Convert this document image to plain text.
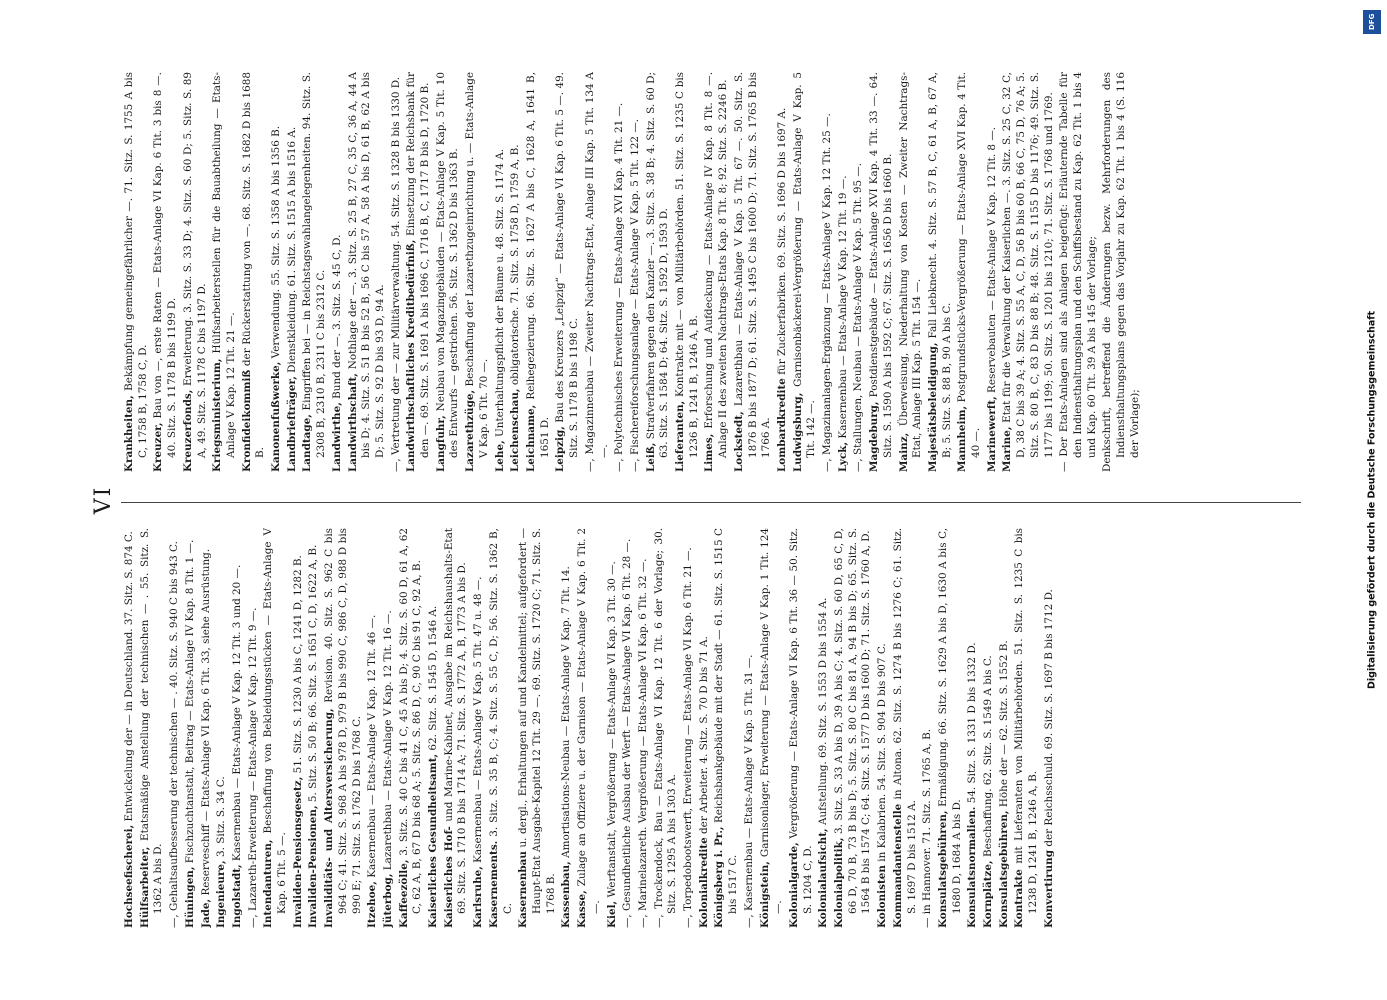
VI

Hochseefischerei, Entwickelung der — in Deutschland. 37. Sitz. S. 874 C.

Hülfsarbeiter, Etatsmäßige Anstellung der technischen — . 55. Sitz. S. 1362 A bis D. —, Gehaltsaufbesserung der technischen — . 40. Sitz. S. 940 C bis 943 C. Hüningen, Fischzuchtanstalt, Beitrag — Etats-Anlage IV Kap. 8 Tit. 1 —.

Jade, Reserveschiff — Etats-Anlage VI Kap. 6 Tit. 33, siehe Ausrüstung. Ingenieure, 3. Sitz. S. 34 C.

Ingolstadt, Kasernenbau — Etats-Anlage V Kap. 12 Tit. 3 und 20 —. —, Lazareth-Erweiterung — Etats-Anlage V Kap. 12 Tit. 9 —. Intendanturen, Beschaffung von Bekleidungsstücken — Etats-Anlage V Kap. 6 Tit. 5 —. Invaliden-Pensionsgesetz, 51. Sitz. S. 1230 A bis C, 1241 D, 1282 B.

Invaliden-Pensionen, 5. Sitz. S. 50 B; 66. Sitz. S. 1651 C, D, 1622 A, B.

Invaliditäts- und Altersversicherung, Revision. 40. Sitz. S. 962 C bis 964 C; 41. Sitz. S. 968 A bis 978 D, 979 B bis 990 C, 986 C, D, 988 D bis 990 E; 71. Sitz. S. 1762 D bis 1768 C. Itzehoe, Kasernenbau — Etats-Anlage V Kap. 12 Tit. 46 —.

Jüterbog, Lazarethbau — Etats-Anlage V Kap. 12 Tit. 16 —.

Kaffeezölle, 3. Sitz. S. 40 C bis 41 C, 45 A bis D; 4. Sitz. S. 60 D, 61 A, 62 C, 62 A, B, 67 D bis 68 A; 5. Sitz. S. 86 D, C, 90 C bis 91 C, 92 A, B. Kaiserliches Gesundheitsamt, 62. Sitz. S. 1545 D, 1546 A.

Kaiserliches Hof- und Marine-Kabinet, Ausgabe im Reichshaushalts-Etat 69. Sitz. S. 1710 B bis 1714 A; 71. Sitz. S. 1772 A, B, 1773 A bis D. Karlsruhe, Kasernenbau — Etats-Anlage V Kap. 5 Tit. 47 u. 48 —.

Kasernements. 3. Sitz. S. 35 B, C; 4. Sitz. S. 55 C, D; 56. Sitz. S. 1362 B, C. Kasernenbau u. dergl., Erhaltungen auf und Kandelmittel; aufgefordert — Haupt-Etat Ausgabe-Kapitel 12 Tit. 29 —. 69. Sitz. S. 1720 C; 71. Sitz. S. 1768 B. Kassenbau, Amortisations-Neubau — Etats-Anlage V Kap. 7 Tit. 14.

Kasse, Zulage an Offiziere u. der Garnison — Etats-Anlage V Kap. 6 Tit. 2 —. Kiel, Werftanstalt, Vergrößerung — Etats-Anlage VI Kap. 3 Tit. 30 —. —, Gesundheitliche Ausbau der Werft — Etats-Anlage VI Kap. 6 Tit. 28 —. —, Marinelazareth. Vergrößerung — Etats-Anlage VI Kap. 6 Tit. 32 —. —, Trockendock, Bau — Etats-Anlage VI Kap. 12 Tit. 6 der Vorlage; 30. Sitz. S. 1295 A bis 1303 A. —, Torpedobootswerft, Erweiterung — Etats-Anlage VI Kap. 6 Tit. 21 —. Kolonialkredite der Arbeiter. 4. Sitz. S. 70 D bis 71 A.

Königsberg i. Pr., Reichsbankgebäude mit der Stadt — 61. Sitz. S. 1515 C bis 1517 C. —, Kasernenbau — Etats-Anlage V Kap. 5 Tit. 31 —. Königstein, Garnisonlager, Erweiterung — Etats-Anlage V Kap. 1 Tit. 124 —. Kolonialgarde, Vergrößerung — Etats-Anlage VI Kap. 6 Tit. 36 — 50. Sitz. S. 1204 C, D. Kolonialaufsicht, Aufstellung. 69. Sitz. S. 1553 D bis 1554 A.

Kolonialpolitik, 3. Sitz. S. 33 A bis D, 39 A bis C; 4. Sitz. S. 60 D, 65 C, D, 66 D, 70 B, 73 B bis D; 5. Sitz. S. 80 C bis 81 A, 94 B bis D; 65. Sitz. S. 1564 B bis 1574 C; 64. Sitz. S. 1577 D bis 1600 D; 71. Sitz. S. 1760 A, D. Kolonisten in Kalabrien. 54. Sitz. S. 904 D bis 907 C.

Kommandantenstelle in Altona. 62. Sitz. S. 1274 B bis 1276 C; 61. Sitz. S. 1697 D bis 1512 A. — in Hannover. 71. Sitz. S. 1765 A, B. Konsulatsgebühren, Ermäßigung. 66. Sitz. S. 1629 A bis D, 1630 A bis C, 1680 D, 1684 A bis D. Konsulatsnormalien. 54. Sitz. S. 1331 D bis 1332 D.

Kornplätze, Beschaffung. 62. Sitz. S. 1549 A bis C.

Konsulatsgebühren, Höhe der — 62. Sitz. S. 1552 B.

Kontrakte mit Lieferanten von Militärbehörden. 51. Sitz. S. 1235 C bis 1238 D, 1241 B, 1246 A, B. Konvertirung der Reichsschuld. 69. Sitz. S. 1697 B bis 1712 D.

Krankheiten, Bekämpfung gemeingefährlicher —. 71. Sitz. S. 1755 A bis C, 1758 B, 1758 C, D. Kreuzer, Bau von —, erste Raten — Etats-Anlage VI Kap. 6 Tit. 3 bis 8 —. 40. Sitz. S. 1178 B bis 1199 D. Kreuzerfonds, Erweiterung. 3. Sitz. S. 33 D; 4. Sitz. S. 60 D; 5. Sitz. S. 89 A, 49. Sitz. S. 1178 C bis 1197 D. Kriegsministerium, Hülfsarbeiterstellen für die Bauabtheilung — Etats-Anlage V Kap. 12 Tit. 21 —. Kronfideikommiß der Rückerstattung von —. 68. Sitz. S. 1682 D bis 1688 B. Kanonenfußwerke, Verwendung. 55. Sitz. S. 1358 A bis 1356 B.

Landbriefträger, Dienstkleidung. 61. Sitz. S. 1515 A bis 1516 A.

Landtage, Eingriffen bei — in Reichstagswahlangelegenheiten. 94. Sitz. S. 2308 B, 2310 B, 2311 C bis 2312 C. Landwirthe, Bund der —. 3. Sitz. S. 45 C, D.

Landwirthschaft, Nothlage der —. 3. Sitz. S. 25 B, 27 C, 35 C, 36 A, 44 A bis D; 4. Sitz. S. 51 B bis 52 B, 56 C bis 57 A, 58 A bis D, 61 B, 62 A bis D; 5. Sitz. S. 92 D bis 93 D, 94 A. —, Vertretung der — zur Militärverwaltung. 54. Sitz. S. 1328 B bis 1330 D. Landwirthschaftliches Kreditbedürfniß, Einsetzung der Reichsbank für den —. 69. Sitz. S. 1691 A bis 1696 C, 1716 B, C, 1717 B bis D, 1720 B. Langfuhr, Neubau von Magazingebäuden — Etats-Anlage V Kap. 5 Tit. 10 des Entwurfs — gestrichen. 56. Sitz. S. 1362 D bis 1363 B. Lazarethzüge, Beschaffung der Lazarethzugeinrichtung u. — Etats-Anlage V Kap. 6 Tit. 70 —. Lehe, Unterhaltungspflicht der Bäume u. 48. Sitz. S. 1174 A. Leichenschau, obligatorische. 71. Sitz. S. 1758 D, 1759 A, B.

Leichname, Reihegezierung. 66. Sitz. S. 1627 A bis C, 1628 A, 1641 B, 1651 D. Leipzig, Bau des Kreuzers „Leipzig“ — Etats-Anlage VI Kap. 6 Tit. 5 —. 49. Sitz. S. 1178 B bis 1198 C. —, Magazinneubau — Zweiter Nachtrags-Etat, Anlage III Kap. 5 Tit. 134 A —. —, Polytechnisches Erweiterung — Etats-Anlage XVI Kap. 4 Tit. 21 —. —, Fischereiforschungsanlage — Etats-Anlage V Kap. 5 Tit. 122 —. Leiß, Strafverfahren gegen den Kanzler —. 3. Sitz. S. 38 B; 4. Sitz. S. 60 D; 63. Sitz. S. 1584 D; 64. Sitz. S. 1592 D, 1593 D. Lieferanten, Kontrakte mit — von Militärbehörden. 51. Sitz. S. 1235 C bis 1236 B, 1241 B, 1246 A, B. Limes, Erforschung und Aufdeckung — Etats-Anlage IV Kap. 8 Tit. 8 —. Anlage II des zweiten Nachtrags-Etats Kap. 8 Tit. 8; 92. Sitz. S. 2246 B. Lockstedt, Lazarethbau — Etats-Anlage V Kap. 5 Tit. 67 —. 50. Sitz. S. 1876 B bis 1877 D; 61. Sitz. S. 1495 C bis 1600 D; 71. Sitz. S. 1765 B bis 1766 A. Lombardkredite für Zuckerfabriken. 69. Sitz. S. 1696 D bis 1697 A.

Ludwigsburg, Garnisonbäckerei-Vergrößerung — Etats-Anlage V Kap. 5 Tit. 142 —. —, Magazinanlagen-Ergänzung — Etats-Anlage V Kap. 12 Tit. 25 —. Lyck, Kasernenbau — Etats-Anlage V Kap. 12 Tit. 19 —. —, Stallungen, Neubau — Etats-Anlage V Kap. 5 Tit. 95 —. Magdeburg, Postdienstgebäude — Etats-Anlage XVI Kap. 4 Tit. 33 —. 64. Sitz. S. 1590 A bis 1592 C; 67. Sitz. S. 1656 D bis 1660 B. Mainz, Überweisung, Niederhaltung von Kosten — Zweiter Nachtrags-Etat, Anlage III Kap. 5 Tit. 154 —. Majestätsbeleidigung, Fall Liebknecht. 4. Sitz. S. 57 B, C, 61 A, B, 67 A, B; 5. Sitz. S. 88 B, 90 A bis C. Mannheim, Postgrundstücks-Vergrößerung — Etats-Anlage XVI Kap. 4 Tit. 40 —. Marinewerft, Reservebauten — Etats-Anlage V Kap. 12 Tit. 8 —.

Marine, Etat für die Verwaltung der Kaiserlichen —. 3. Sitz. S. 25 C, 32 C, D, 38 C bis 39 A; 4. Sitz. S. 55 A, C, D, 56 B bis 60 B, 66 C, 75 D, 76 A; 5. Sitz. S. 80 B, C, 83 D bis 88 B; 48. Sitz. S. 1155 D bis 1176; 49. Sitz. S. 1177 bis 1199; 50. Sitz. S. 1201 bis 1210; 71. Sitz. S. 1768 und 1769. — Der Etats-Anlagen sind als Anlagen beigefügt: Erläuternde Tabelle für den Indiensthaltungsplan und den Schiffsbestand zu Kap. 62 Tit. 1 bis 4 und Kap. 60 Tit. 39 A bis 145 der Vorlage; Denkschrift, betreffend die Änderungen bezw. Mehrforderungen des Indiensthaltungsplans gegen das Vorjahr zu Kap. 62 Tit. 1 bis 4 (S. 116 der Vorlage);

DFG
Digitalisierung gefördert durch die Deutsche Forschungsgemeinschaft
